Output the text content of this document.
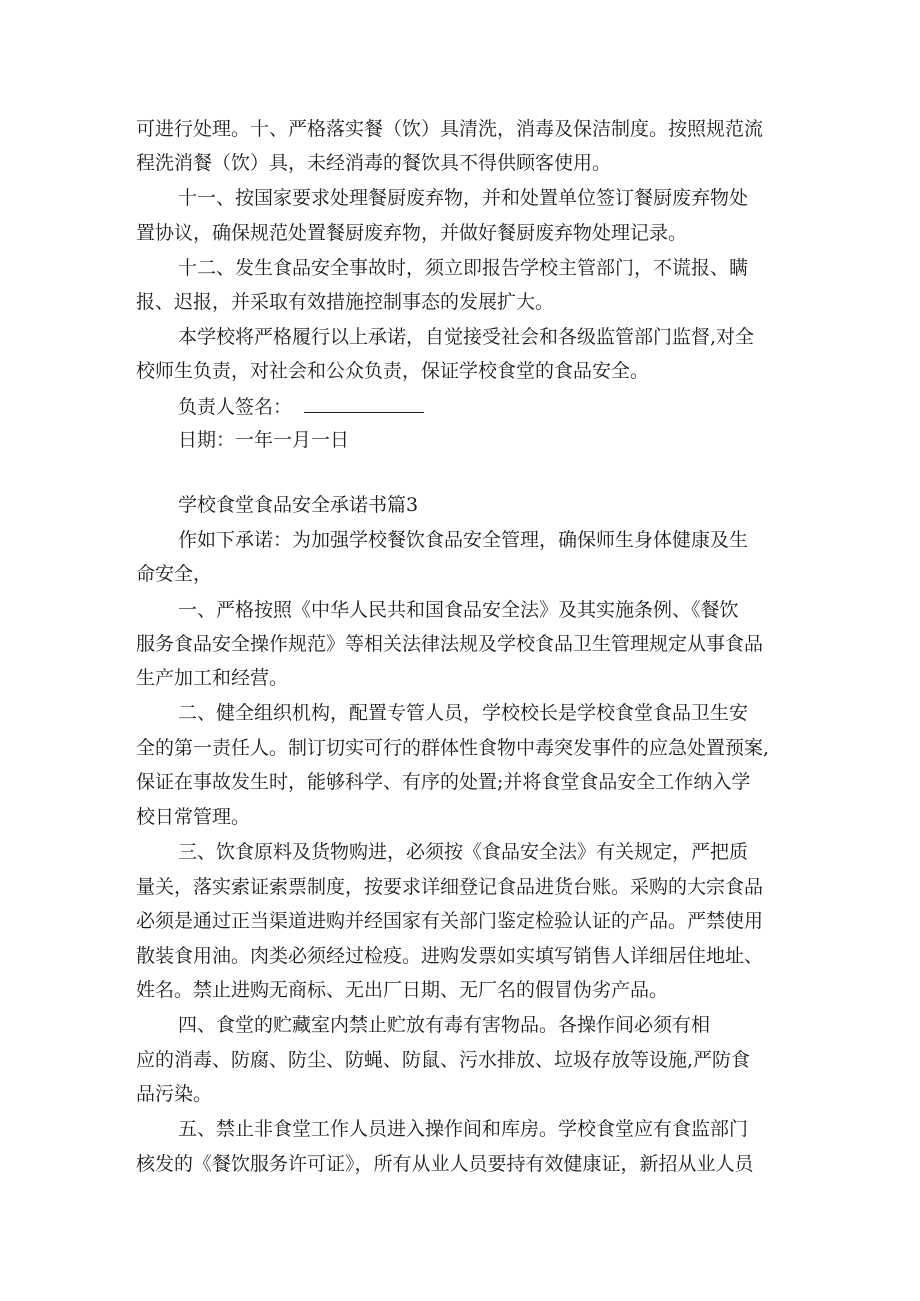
可进行处理。十、严格落实餐（饮）具清洗，消毒及保洁制度。按照规范流
程洗消餐（饮）具，未经消毒的餐饮具不得供顾客使用。
十一、按国家要求处理餐厨废弃物，并和处置单位签订餐厨废弃物处
置协议，确保规范处置餐厨废弃物，并做好餐厨废弃物处理记录。
十二、发生食品安全事故时，须立即报告学校主管部门，不谎报、瞒
报、迟报，并采取有效措施控制事态的发展扩大。
本学校将严格履行以上承诺，自觉接受社会和各级监管部门监督,对全
校师生负责，对社会和公众负责，保证学校食堂的食品安全。
负责人签名：
日期：一年一月一日
学校食堂食品安全承诺书篇3
作如下承诺：为加强学校餐饮食品安全管理，确保师生身体健康及生
命安全，
一、严格按照《中华人民共和国食品安全法》及其实施条例、《餐饮
服务食品安全操作规范》等相关法律法规及学校食品卫生管理规定从事食品
生产加工和经营。
二、健全组织机构，配置专管人员，学校校长是学校食堂食品卫生安
全的第一责任人。制订切实可行的群体性食物中毒突发事件的应急处置预案,
保证在事故发生时，能够科学、有序的处置;并将食堂食品安全工作纳入学
校日常管理。
三、饮食原料及货物购进，必须按《食品安全法》有关规定，严把质
量关，落实索证索票制度，按要求详细登记食品进货台账。采购的大宗食品
必须是通过正当渠道进购并经国家有关部门鉴定检验认证的产品。严禁使用
散装食用油。肉类必须经过检疫。进购发票如实填写销售人详细居住地址、
姓名。禁止进购无商标、无出厂日期、无厂名的假冒伪劣产品。
四、食堂的贮藏室内禁止贮放有毒有害物品。各操作间必须有相
应的消毒、防腐、防尘、防蝇、防鼠、污水排放、垃圾存放等设施,严防食
品污染。
五、禁止非食堂工作人员进入操作间和库房。学校食堂应有食监部门
核发的《餐饮服务许可证》，所有从业人员要持有效健康证，新招从业人员
